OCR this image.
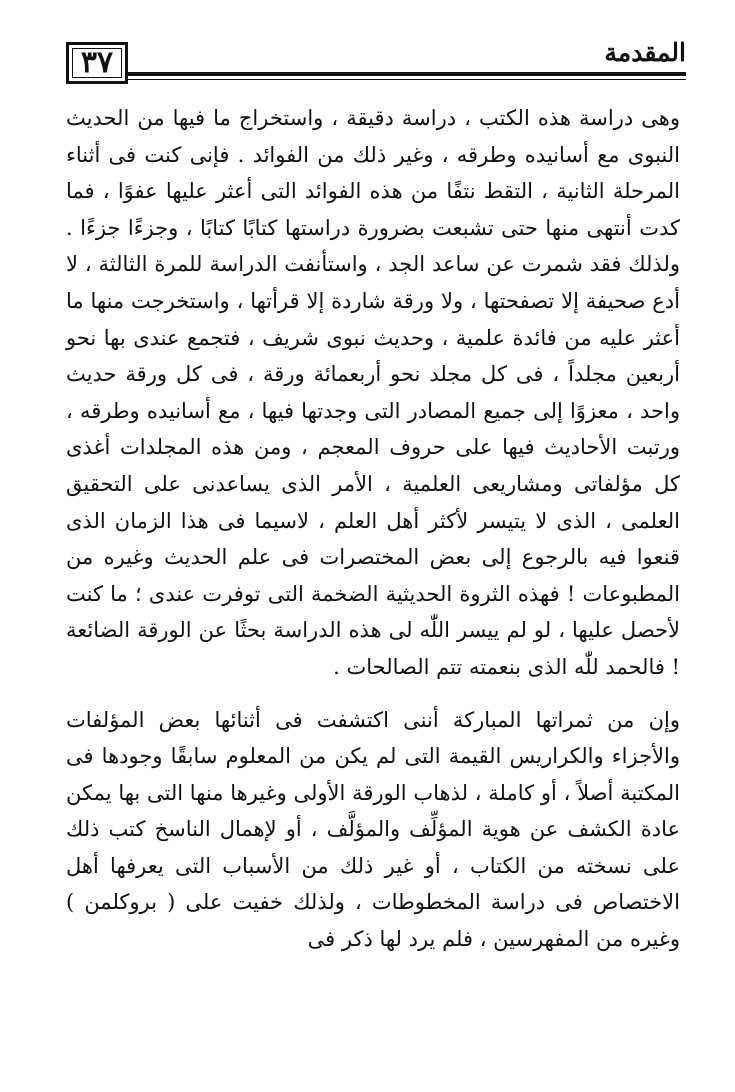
٣٧	المقدمة

وهى دراسة هذه الكتب ، دراسة دقيقة ، واستخراج ما فيها من الحديث النبوى مع أسانيده وطرقه ، وغير ذلك من الفوائد . فإنى كنت فى أثناء المرحلة الثانية ، التقط نتفًا من هذه الفوائد التى أعثر عليها عفوًا ، فما كدت أنتهى منها حتى تشبعت بضرورة دراستها كتابًا كتابًا ، وجزءًا جزءًا . ولذلك فقد شمرت عن ساعد الجد ، واستأنفت الدراسة للمرة الثالثة ، لا أدع صحيفة إلا تصفحتها ، ولا ورقة شاردة إلا قرأتها ، واستخرجت منها ما أعثر عليه من فائدة علمية ، وحديث نبوى شريف ، فتجمع عندى بها نحو أربعين مجلداً ، فى كل مجلد نحو أربعمائة ورقة ، فى كل ورقة حديث واحد ، معزوًا إلى جميع المصادر التى وجدتها فيها ، مع أسانيده وطرقه ، ورتبت الأحاديث فيها على حروف المعجم ، ومن هذه المجلدات أغذى كل مؤلفاتى ومشاريعى العلمية ، الأمر الذى يساعدنى على التحقيق العلمى ، الذى لا يتيسر لأكثر أهل العلم ، لاسيما فى هذا الزمان الذى قنعوا فيه بالرجوع إلى بعض المختصرات فى علم الحديث وغيره من المطبوعات ! فهذه الثروة الحديثية الضخمة التى توفرت عندى ؛ ما كنت لأحصل عليها ، لو لم ييسر اللّٰه لى هذه الدراسة بحثًا عن الورقة الضائعة ! فالحمد للّٰه الذى بنعمته تتم الصالحات .

وإن من ثمراتها المباركة أننى اكتشفت فى أثنائها بعض المؤلفات والأجزاء والكراريس القيمة التى لم يكن من المعلوم سابقًا وجودها فى المكتبة أصلاً ، أو كاملة ، لذهاب الورقة الأولى وغيرها منها التى بها يمكن عادة الكشف عن هوية المؤلِّف والمؤلَّف ، أو لإهمال الناسخ كتب ذلك على نسخته من الكتاب ، أو غير ذلك من الأسباب التى يعرفها أهل الاختصاص فى دراسة المخطوطات ، ولذلك خفيت على ( بروكلمن ) وغيره من المفهرسين ، فلم يرد لها ذكر فى
